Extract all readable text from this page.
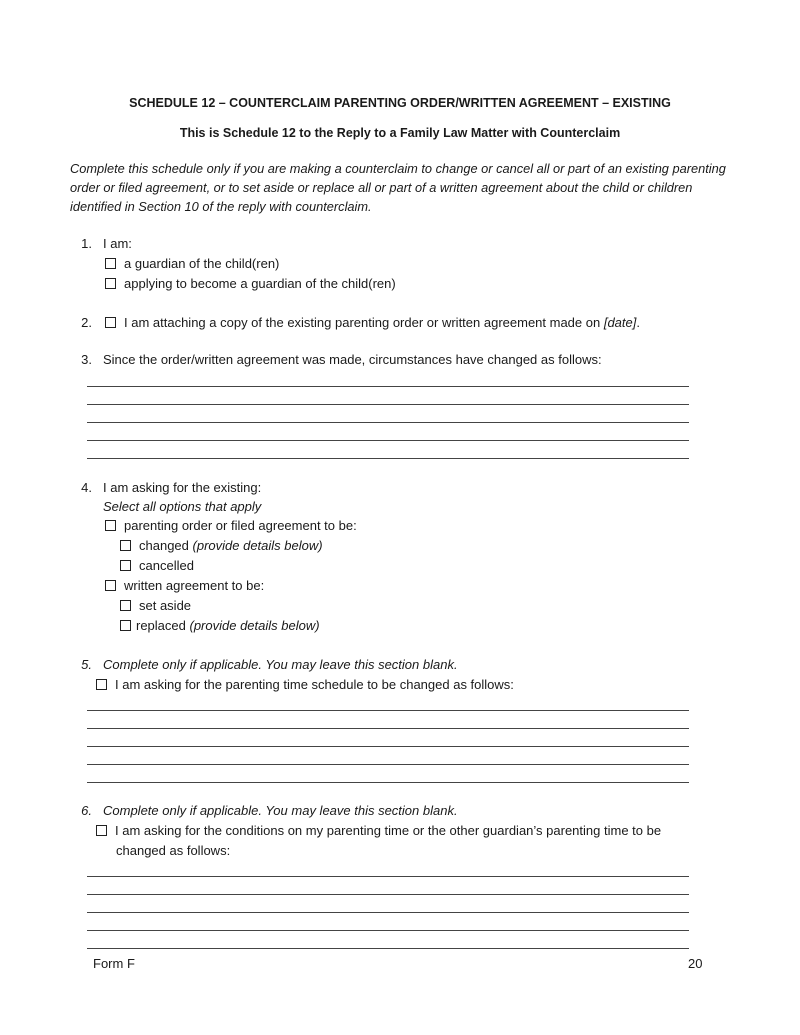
SCHEDULE 12 – COUNTERCLAIM PARENTING ORDER/WRITTEN AGREEMENT – EXISTING
This is Schedule 12 to the Reply to a Family Law Matter with Counterclaim
Complete this schedule only if you are making a counterclaim to change or cancel all or part of an existing parenting order or filed agreement, or to set aside or replace all or part of a written agreement about the child or children identified in Section 10 of the reply with counterclaim.
1. I am:
a guardian of the child(ren)
applying to become a guardian of the child(ren)
2.	I am attaching a copy of the existing parenting order or written agreement made on [date].
3. Since the order/written agreement was made, circumstances have changed as follows:
4. I am asking for the existing:
Select all options that apply
parenting order or filed agreement to be:
changed (provide details below)
cancelled
written agreement to be:
set aside
replaced (provide details below)
5. Complete only if applicable. You may leave this section blank.
I am asking for the parenting time schedule to be changed as follows:
6. Complete only if applicable. You may leave this section blank.
I am asking for the conditions on my parenting time or the other guardian’s parenting time to be
changed as follows:
Form F	20
